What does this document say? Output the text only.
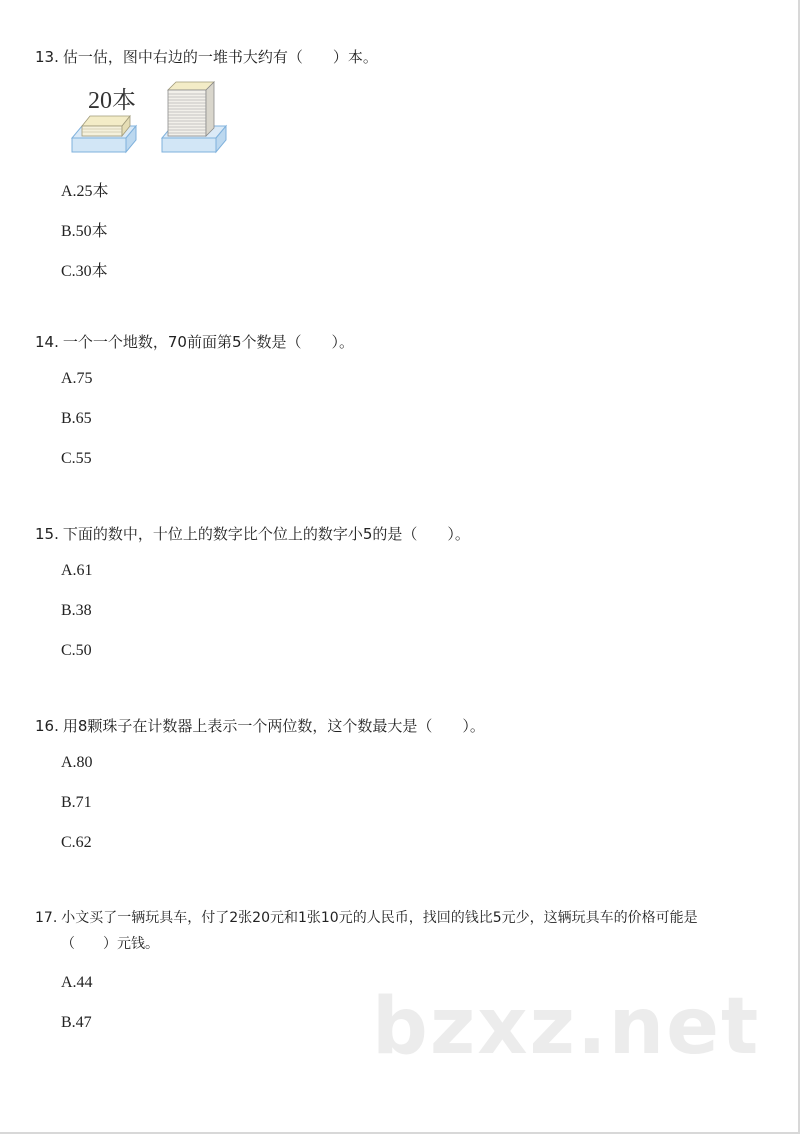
13. 估一估，图中右边的一堆书大约有（　　）本。

20本
A.25本
B.50本
C.30本

14. 一个一个地数，70前面第5个数是（　　）。

A.75
B.65
C.55

15. 下面的数中，十位上的数字比个位上的数字小5的是（　　）。

A.61
B.38
C.50

16. 用8颗珠子在计数器上表示一个两位数，这个数最大是（　　）。

A.80
B.71
C.62

17. 小文买了一辆玩具车，付了2张20元和1张10元的人民币，找回的钱比5元少，这辆玩具车的价格可能是

（　　）元钱。

A.44
B.47	bzxz.net
